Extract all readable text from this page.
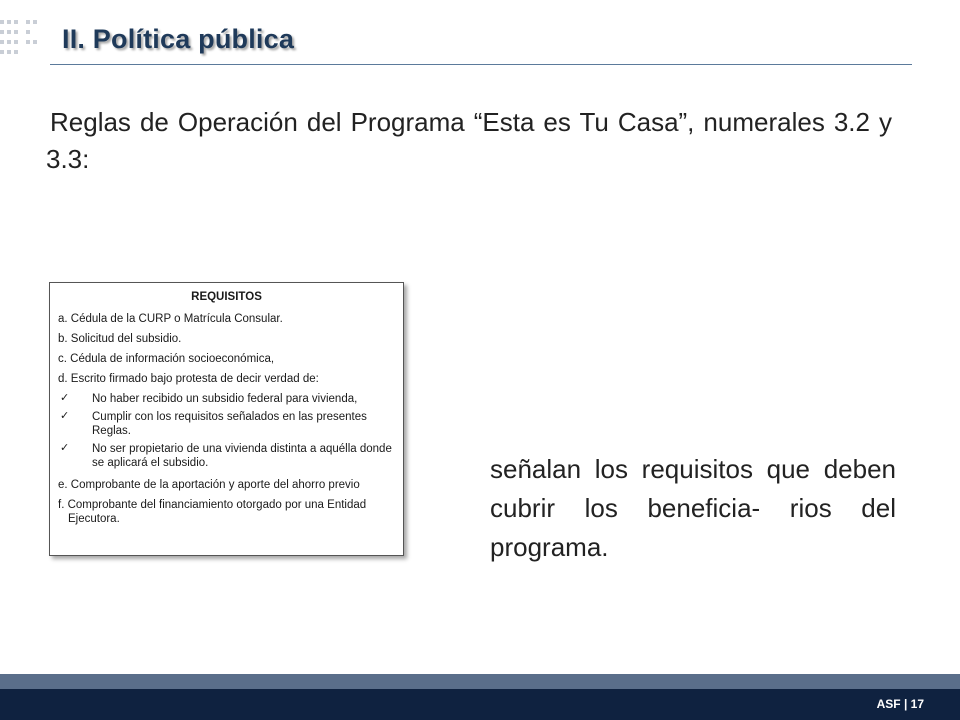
II. Política pública

Reglas de Operación del Programa “Esta es Tu Casa”, numerales 3.2 y 3.3:

REQUISITOS
a. Cédula de la CURP o Matrícula Consular.
b. Solicitud del subsidio.
c. Cédula de información socioeconómica,
d. Escrito firmado bajo protesta de decir verdad de:
✓ No haber recibido un subsidio federal para vivienda,
✓ Cumplir con los requisitos señalados en las presentes Reglas.
✓ No ser propietario de una vivienda distinta a aquélla donde se aplicará el subsidio.
e. Comprobante de la aportación y aporte del ahorro previo
f. Comprobante del financiamiento otorgado por una Entidad
Ejecutora.

señalan los requisitos que deben cubrir los beneficia- rios del programa.

ASF | 17
